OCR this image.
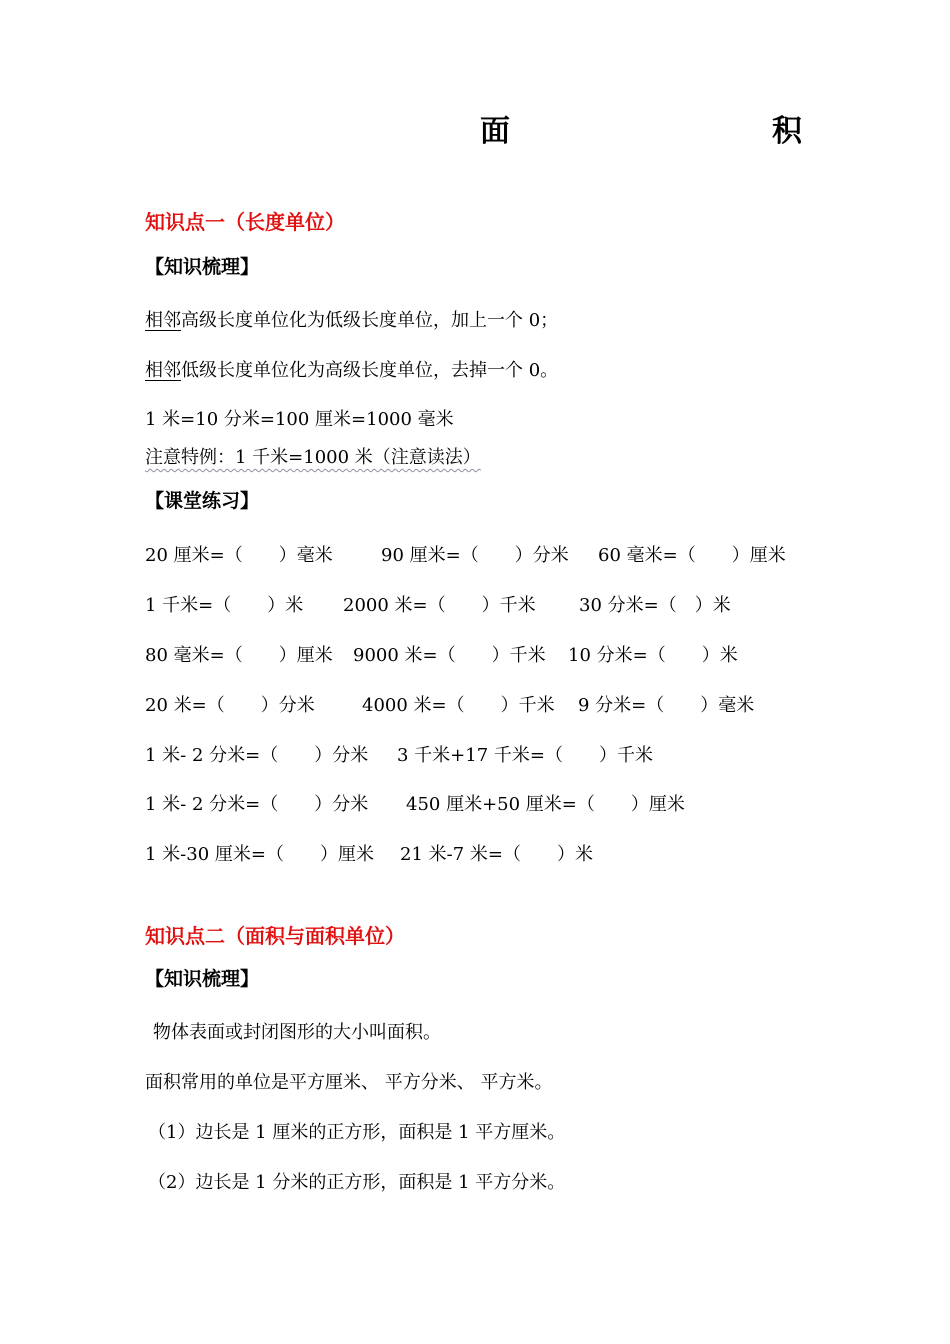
面	积
知识点一（长度单位）
【知识梳理】
相邻高级长度单位化为低级长度单位，加上一个 0；
相邻低级长度单位化为高级长度单位，去掉一个 0。
1 米=10 分米=100 厘米=1000 毫米
注意特例：1 千米=1000 米（注意读法）
【课堂练习】
20 厘米=（　　）毫米	90 厘米=（　　）分米 60 毫米=（　　）厘米
1 千米=（　　）米 2000 米=（　　）千米 30 分米=（　）米
80 毫米=（　　）厘米 9000 米=（　　）千米 10 分米=（　　）米
20 米=（　　）分米	4000 米=（　　）千米 9 分米=（　　）毫米
1 米- 2 分米=（　　）分米 3 千米+17 千米=（　　）千米
1 米- 2 分米=（　　）分米 450 厘米+50 厘米=（　　）厘米
1 米-30 厘米=（　　）厘米 21 米-7 米=（　　）米
知识点二（面积与面积单位）
【知识梳理】
物体表面或封闭图形的大小叫面积。
面积常用的单位是平方厘米、 平方分米、 平方米。
（1）边长是 1 厘米的正方形，面积是 1 平方厘米。
（2）边长是 1 分米的正方形，面积是 1 平方分米。
